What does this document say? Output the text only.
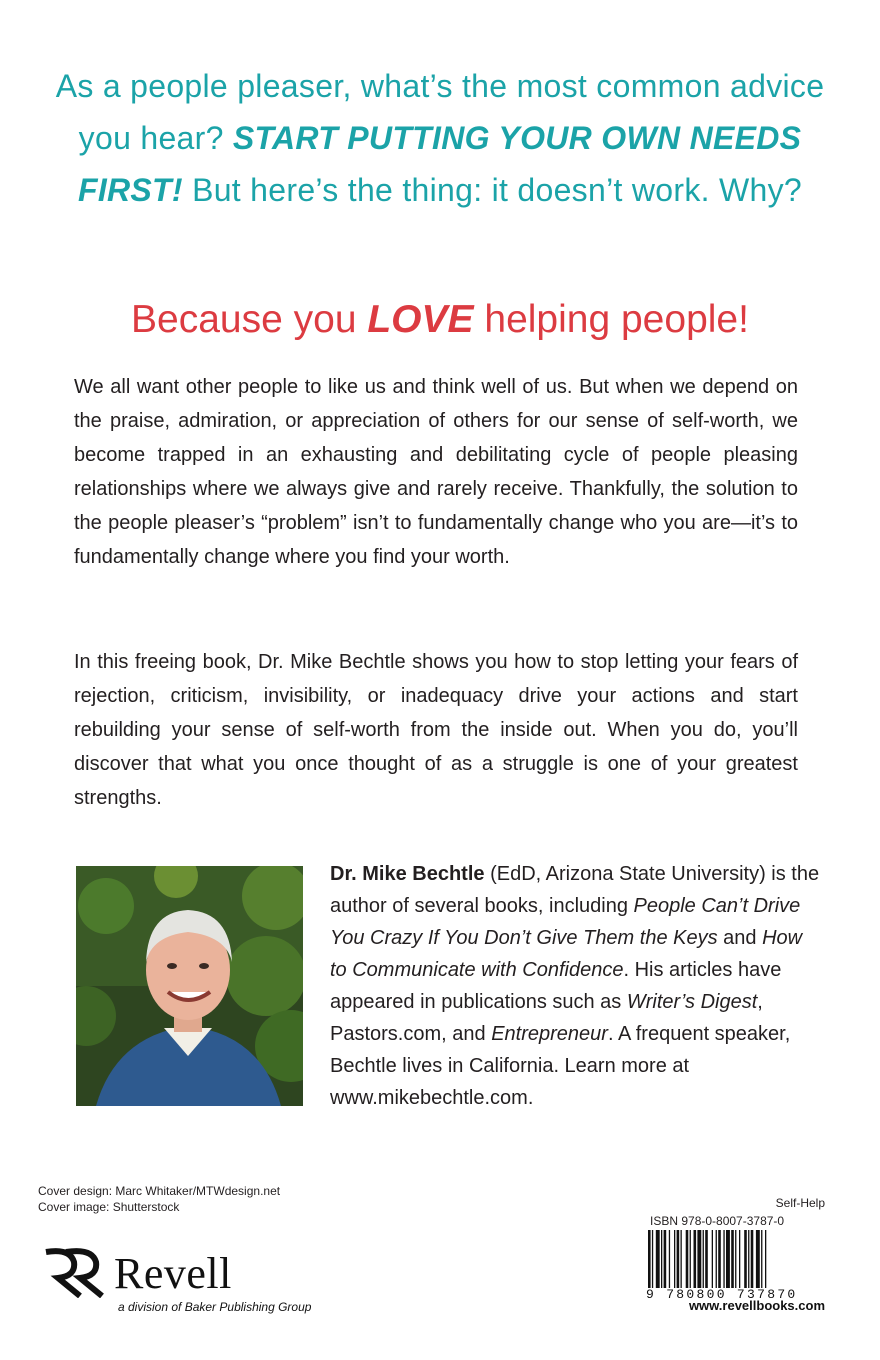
As a people pleaser, what’s the most common advice you hear? START PUTTING YOUR OWN NEEDS FIRST! But here’s the thing: it doesn’t work. Why?
Because you LOVE helping people!

We all want other people to like us and think well of us. But when we depend on the praise, admiration, or appreciation of others for our sense of self-worth, we become trapped in an exhausting and debilitating cycle of people pleasing relationships where we always give and rarely receive. Thankfully, the solution to the people pleaser’s “problem” isn’t to fundamentally change who you are—it’s to fundamentally change where you find your worth.

In this freeing book, Dr. Mike Bechtle shows you how to stop letting your fears of rejection, criticism, invisibility, or inadequacy drive your actions and start rebuilding your sense of self-worth from the inside out. When you do, you’ll discover that what you once thought of as a struggle is one of your greatest strengths.

Dr. Mike Bechtle (EdD, Arizona State University) is the author of several books, including People Can’t Drive You Crazy If You Don’t Give Them the Keys and How to Communicate with Confidence. His articles have appeared in publications such as Writer’s Digest, Pastors.com, and Entrepreneur. A frequent speaker, Bechtle lives in California. Learn more at www.mikebechtle.com.

Cover design: Marc Whitaker/MTWdesign.net
Cover image: Shutterstock
Revell
a division of Baker Publishing Group
Self-Help
ISBN 978-0-8007-3787-0
9 780800 737870
www.revellbooks.com
